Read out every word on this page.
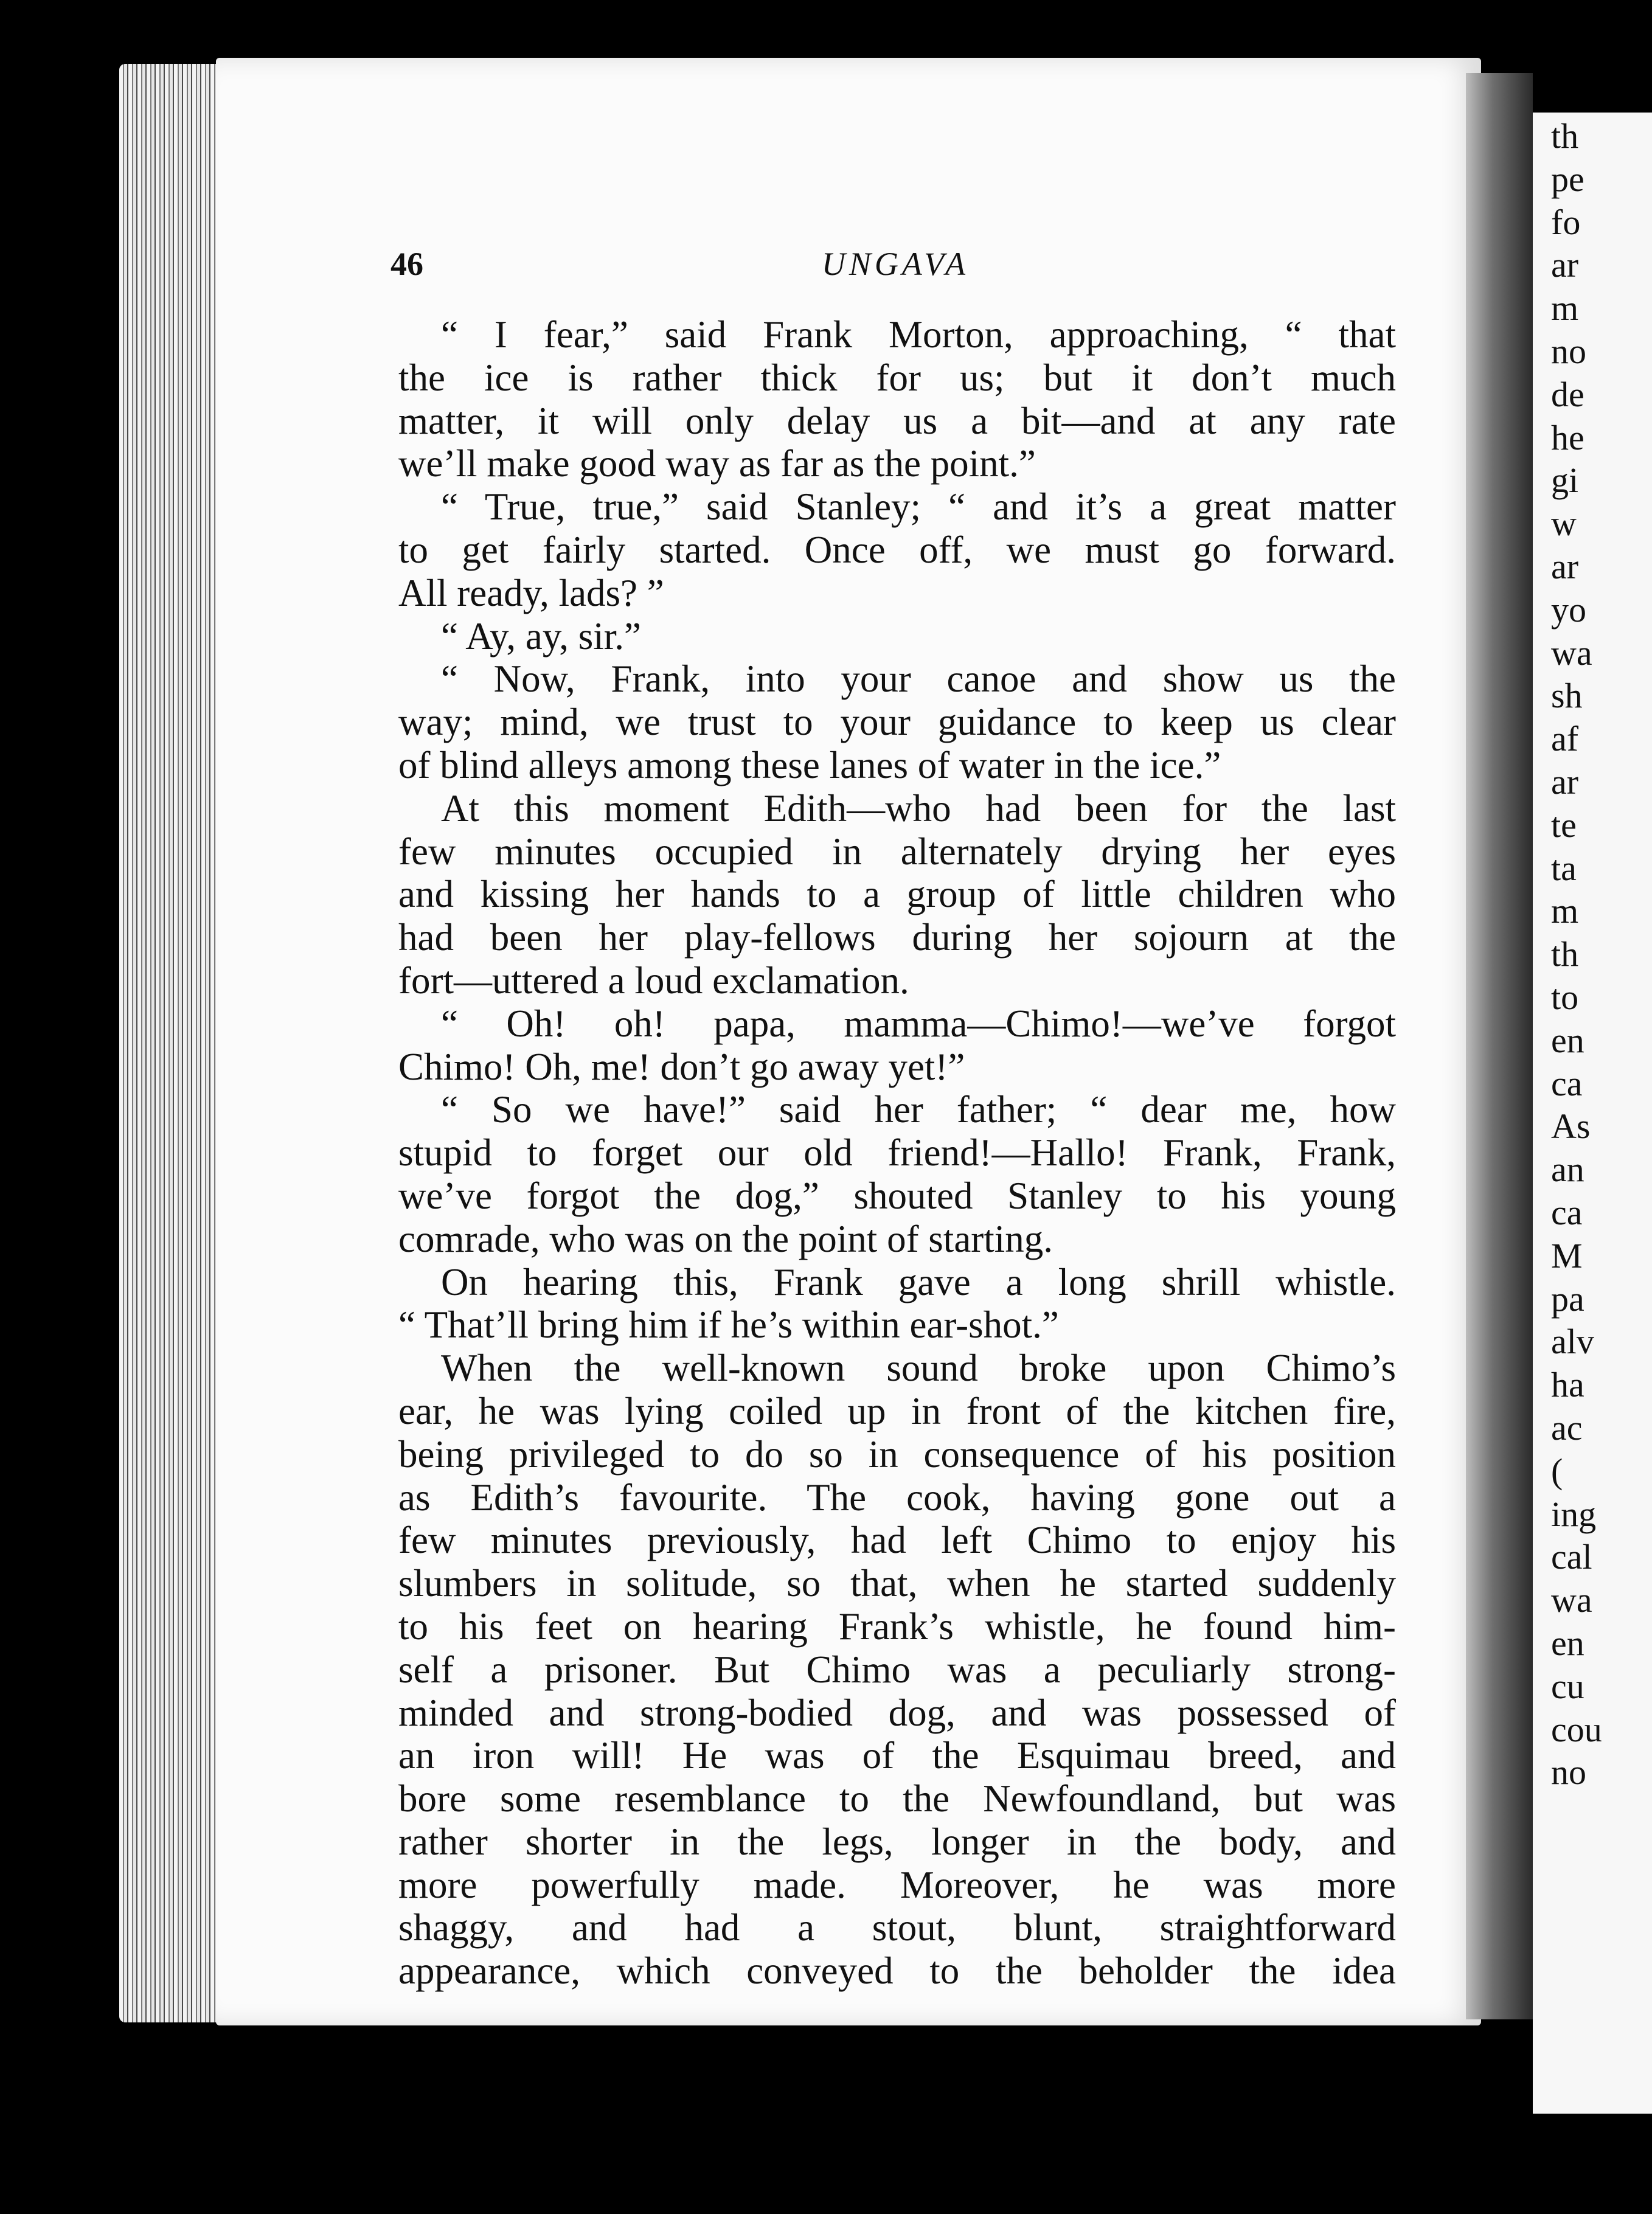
th
pe
fo
ar
m
no
de
he
gi
w
ar
yo
wa
sh
af
ar
te
ta
m
th
to
en
ca
As
an
ca
M
pa
alv
ha
ac
(
ing
cal
wa
en
cu
cou
no
46	UNGAVA
“ I fear,” said Frank Morton, approaching, “ that
the ice is rather thick for us; but it don’t much
matter, it will only delay us a bit—and at any rate
we’ll make good way as far as the point.”
“ True, true,” said Stanley; “ and it’s a great matter
to get fairly started. Once off, we must go forward.
All ready, lads? ”
“ Ay, ay, sir.”
“ Now, Frank, into your canoe and show us the
way; mind, we trust to your guidance to keep us clear
of blind alleys among these lanes of water in the ice.”
At this moment Edith—who had been for the last
few minutes occupied in alternately drying her eyes
and kissing her hands to a group of little children who
had been her play-fellows during her sojourn at the
fort—uttered a loud exclamation.
“ Oh! oh! papa, mamma—Chimo!—we’ve forgot
Chimo! Oh, me! don’t go away yet!”
“ So we have!” said her father; “ dear me, how
stupid to forget our old friend!—Hallo! Frank, Frank,
we’ve forgot the dog,” shouted Stanley to his young
comrade, who was on the point of starting.
On hearing this, Frank gave a long shrill whistle.
“ That’ll bring him if he’s within ear-shot.”
When the well-known sound broke upon Chimo’s
ear, he was lying coiled up in front of the kitchen fire,
being privileged to do so in consequence of his position
as Edith’s favourite. The cook, having gone out a
few minutes previously, had left Chimo to enjoy his
slumbers in solitude, so that, when he started suddenly
to his feet on hearing Frank’s whistle, he found him-
self a prisoner. But Chimo was a peculiarly strong-
minded and strong-bodied dog, and was possessed of
an iron will! He was of the Esquimau breed, and
bore some resemblance to the Newfoundland, but was
rather shorter in the legs, longer in the body, and
more powerfully made. Moreover, he was more
shaggy, and had a stout, blunt, straightforward
appearance, which conveyed to the beholder the idea
